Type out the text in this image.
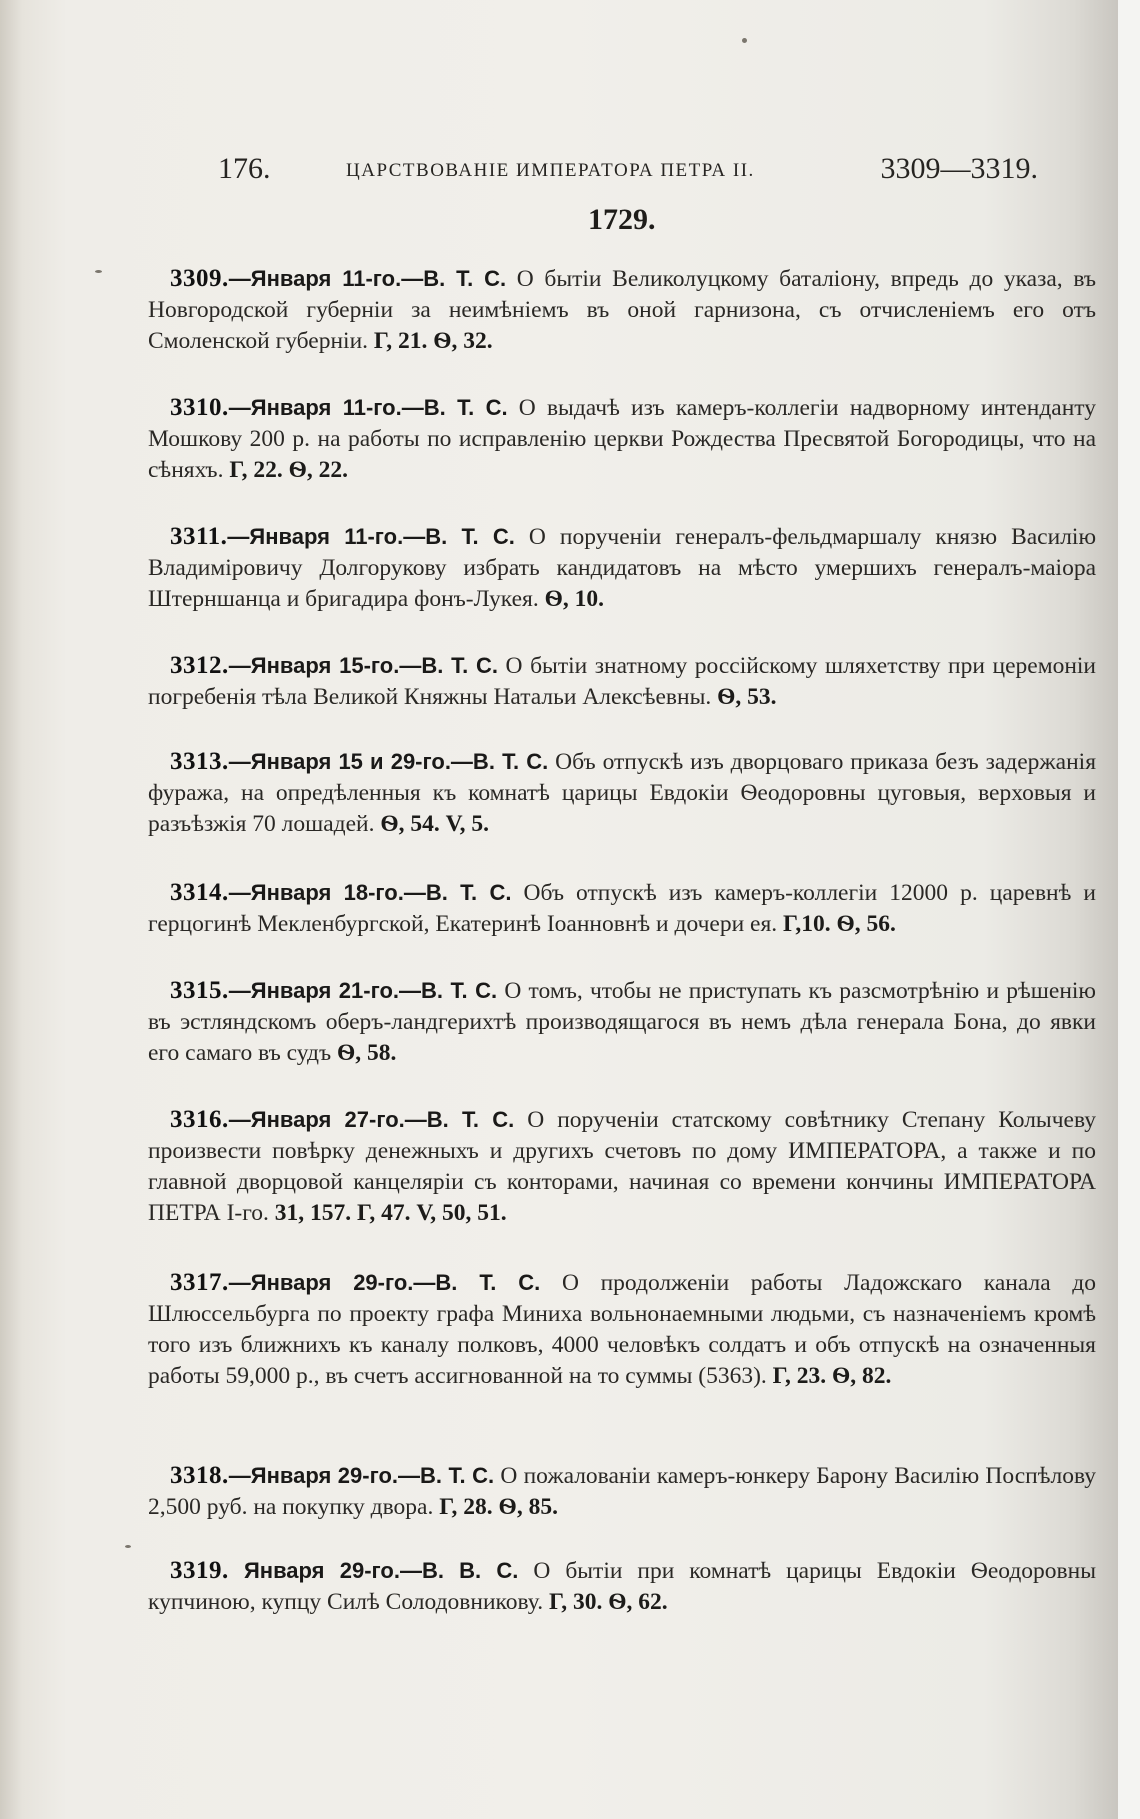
176.	ЦАРСТВОВАНІЕ ИМПЕРАТОРА ПЕТРА II.	3309—3319.
1729.
3309.—Января 11-го.—В. Т. С. О бытіи Великолуцкому баталіону, впредь до указа, въ Новгородской губерніи за неимѣніемъ въ оной гарнизона, съ отчисленіемъ его отъ Смоленской губерніи. Г, 21. Ѳ, 32.
3310.—Января 11-го.—В. Т. С. О выдачѣ изъ камеръ-коллегіи надворному интенданту Мошкову 200 р. на работы по исправленію церкви Рождества Пресвятой Богородицы, что на сѣняхъ. Г, 22. Ѳ, 22.
3311.—Января 11-го.—В. Т. С. О порученіи генералъ-фельдмаршалу князю Василію Владиміровичу Долгорукову избрать кандидатовъ на мѣсто умершихъ генералъ-маіора Штерншанца и бригадира фонъ-Лукея. Ѳ, 10.
3312.—Января 15-го.—В. Т. С. О бытіи знатному россійскому шляхетству при церемоніи погребенія тѣла Великой Княжны Натальи Алексѣевны. Ѳ, 53.
3313.—Января 15 и 29-го.—В. Т. С. Объ отпускѣ изъ дворцоваго приказа безъ задержанія фуража, на опредѣленныя къ комнатѣ царицы Евдокіи Ѳеодоровны цуговыя, верховыя и разъѣзжія 70 лошадей. Ѳ, 54. V, 5.
3314.—Января 18-го.—В. Т. С. Объ отпускѣ изъ камеръ-коллегіи 12000 р. царевнѣ и герцогинѣ Мекленбургской, Екатеринѣ Іоанновнѣ и дочери ея. Г,10. Ѳ, 56.
3315.—Января 21-го.—В. Т. С. О томъ, чтобы не приступать къ разсмотрѣнію и рѣшенію въ эстляндскомъ оберъ-ландгерихтѣ производящагося въ немъ дѣла генерала Бона, до явки его самаго въ судъ Ѳ, 58.
3316.—Января 27-го.—В. Т. С. О порученіи статскому совѣтнику Степану Колычеву произвести повѣрку денежныхъ и другихъ счетовъ по дому ИМПЕРАТОРА, а также и по главной дворцовой канцеляріи съ конторами, начиная со времени кончины ИМПЕРАТОРА ПЕТРА I-го. 31, 157. Г, 47. V, 50, 51.
3317.—Января 29-го.—В. Т. С. О продолженіи работы Ладожскаго канала до Шлюссельбурга по проекту графа Миниха вольнонаемными людьми, съ назначеніемъ кромѣ того изъ ближнихъ къ каналу полковъ, 4000 человѣкъ солдатъ и объ отпускѣ на означенныя работы 59,000 р., въ счетъ ассигнованной на то суммы (5363). Г, 23. Ѳ, 82.
3318.—Января 29-го.—В. Т. С. О пожалованіи камеръ-юнкеру Барону Василію Поспѣлову 2,500 руб. на покупку двора. Г, 28. Ѳ, 85.
3319. Января 29-го.—В. В. С. О бытіи при комнатѣ царицы Евдокіи Ѳеодоровны купчиною, купцу Силѣ Солодовникову. Г, 30. Ѳ, 62.
